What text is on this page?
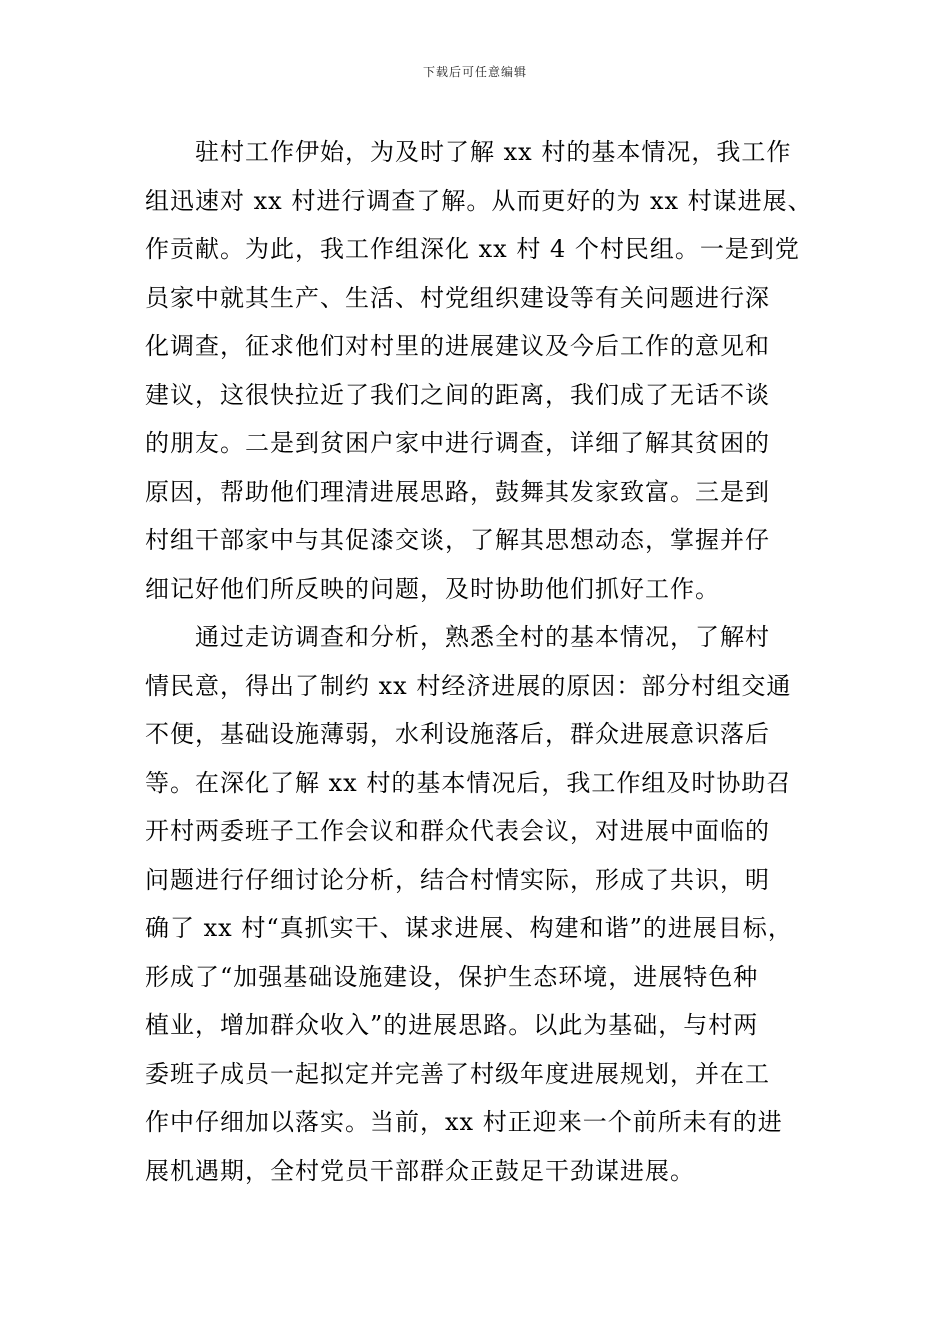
下载后可任意编辑
驻村工作伊始，为及时了解 xx 村的基本情况，我工作
组迅速对 xx 村进行调查了解。从而更好的为 xx 村谋进展、
作贡献。为此，我工作组深化 xx 村 4 个村民组。一是到党
员家中就其生产、生活、村党组织建设等有关问题进行深
化调查，征求他们对村里的进展建议及今后工作的意见和
建议，这很快拉近了我们之间的距离，我们成了无话不谈
的朋友。二是到贫困户家中进行调查，详细了解其贫困的
原因，帮助他们理清进展思路，鼓舞其发家致富。三是到
村组干部家中与其促漆交谈，了解其思想动态，掌握并仔
细记好他们所反映的问题，及时协助他们抓好工作。
通过走访调查和分析，熟悉全村的基本情况，了解村
情民意，得出了制约 xx 村经济进展的原因：部分村组交通
不便，基础设施薄弱，水利设施落后，群众进展意识落后
等。在深化了解 xx 村的基本情况后，我工作组及时协助召
开村两委班子工作会议和群众代表会议，对进展中面临的
问题进行仔细讨论分析，结合村情实际，形成了共识，明
确了 xx 村“真抓实干、谋求进展、构建和谐”的进展目标，
形成了“加强基础设施建设，保护生态环境，进展特色种
植业，增加群众收入”的进展思路。以此为基础，与村两
委班子成员一起拟定并完善了村级年度进展规划，并在工
作中仔细加以落实。当前，xx 村正迎来一个前所未有的进
展机遇期，全村党员干部群众正鼓足干劲谋进展。
